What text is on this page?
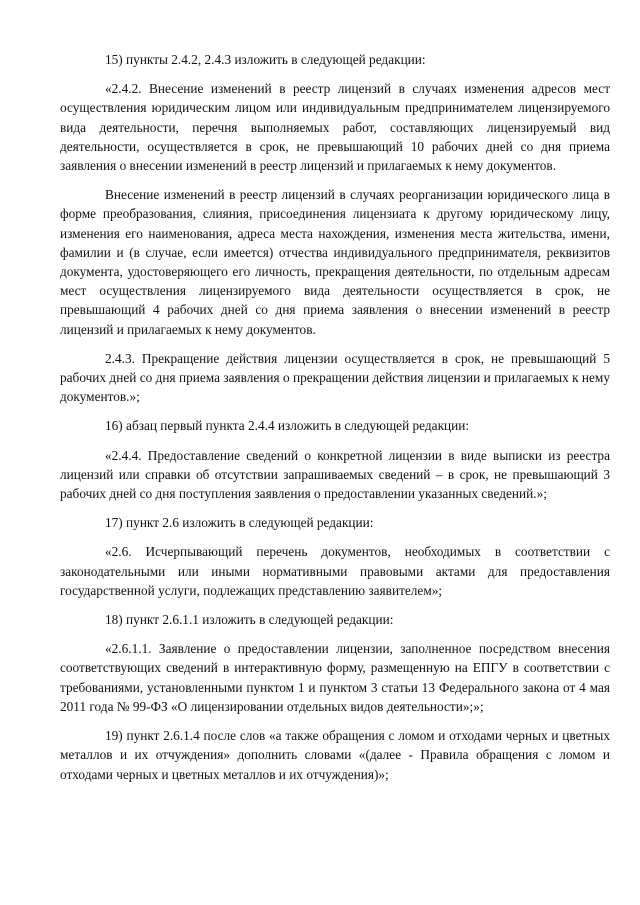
15) пункты 2.4.2, 2.4.3 изложить в следующей редакции:

«2.4.2. Внесение изменений в реестр лицензий в случаях изменения адресов мест осуществления юридическим лицом или индивидуальным предпринимателем лицензируемого вида деятельности, перечня выполняемых работ, составляющих лицензируемый вид деятельности, осуществляется в срок, не превышающий 10 рабочих дней со дня приема заявления о внесении изменений в реестр лицензий и прилагаемых к нему документов.

Внесение изменений в реестр лицензий в случаях реорганизации юридического лица в форме преобразования, слияния, присоединения лицензиата к другому юридическому лицу, изменения его наименования, адреса места нахождения, изменения места жительства, имени, фамилии и (в случае, если имеется) отчества индивидуального предпринимателя, реквизитов документа, удостоверяющего его личность, прекращения деятельности, по отдельным адресам мест осуществления лицензируемого вида деятельности осуществляется в срок, не превышающий 4 рабочих дней со дня приема заявления о внесении изменений в реестр лицензий и прилагаемых к нему документов.

2.4.3. Прекращение действия лицензии осуществляется в срок, не превышающий 5 рабочих дней со дня приема заявления о прекращении действия лицензии и прилагаемых к нему документов.»;

16) абзац первый пункта 2.4.4 изложить в следующей редакции:

«2.4.4. Предоставление сведений о конкретной лицензии в виде выписки из реестра лицензий или справки об отсутствии запрашиваемых сведений – в срок, не превышающий 3 рабочих дней со дня поступления заявления о предоставлении указанных сведений.»;

17) пункт 2.6 изложить в следующей редакции:

«2.6. Исчерпывающий перечень документов, необходимых в соответствии с законодательными или иными нормативными правовыми актами для предоставления государственной услуги, подлежащих представлению заявителем»;

18) пункт 2.6.1.1 изложить в следующей редакции:

«2.6.1.1. Заявление о предоставлении лицензии, заполненное посредством внесения соответствующих сведений в интерактивную форму, размещенную на ЕПГУ в соответствии с требованиями, установленными пунктом 1 и пунктом 3 статьи 13 Федерального закона от 4 мая 2011 года № 99-ФЗ «О лицензировании отдельных видов деятельности»;»;

19) пункт 2.6.1.4 после слов «а также обращения с ломом и отходами черных и цветных металлов и их отчуждения» дополнить словами «(далее - Правила обращения с ломом и отходами черных и цветных металлов и их отчуждения)»;
